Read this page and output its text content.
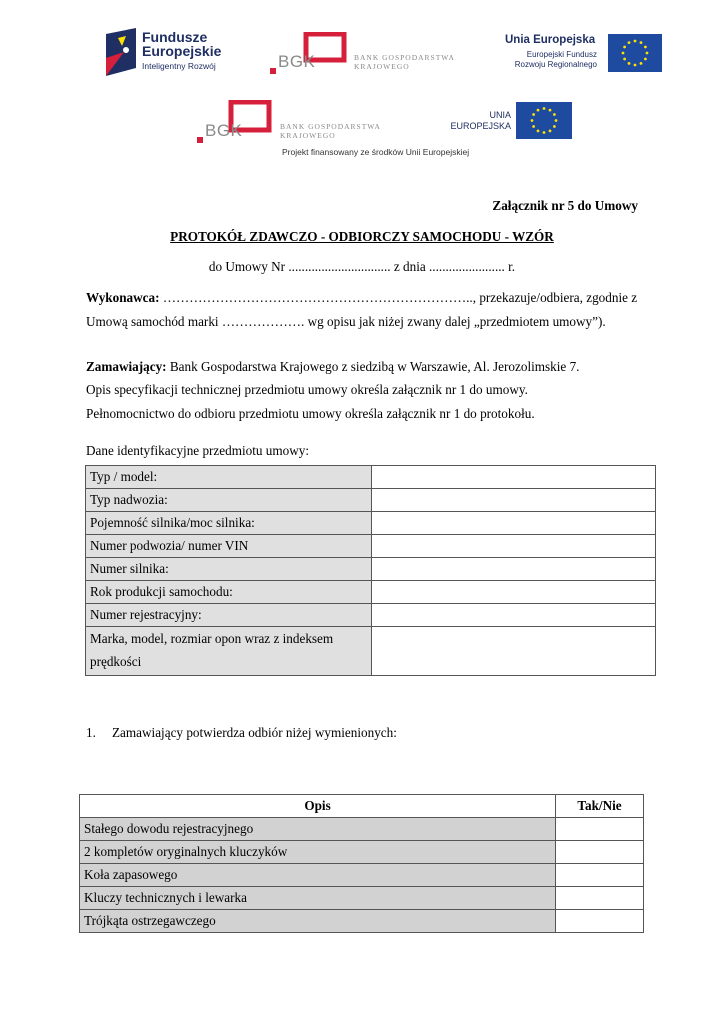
Fundusze
Europejskie
Inteligentny Rozwój	BGK	BANK GOSPODARSTWA
KRAJOWEGO
Unia Europejska
Europejski Fundusz
Rozwoju Regionalnego
BGK	BANK GOSPODARSTWA
KRAJOWEGO
UNIA
EUROPEJSKA
Projekt finansowany ze środków Unii Europejskiej
Załącznik nr 5 do Umowy
PROTOKÓŁ ZDAWCZO - ODBIORCZY SAMOCHODU - WZÓR
do Umowy Nr ............................... z dnia ....................... r.
Wykonawca: …………………………………………………………….., przekazuje/odbiera, zgodnie z
Umową samochód marki ………………. wg opisu jak niżej zwany dalej „przedmiotem umowy”).
Zamawiający: Bank Gospodarstwa Krajowego z siedzibą w Warszawie, Al. Jerozolimskie 7.
Opis specyfikacji technicznej przedmiotu umowy określa załącznik nr 1 do umowy.
Pełnomocnictwo do odbioru przedmiotu umowy określa załącznik nr 1 do protokołu.
Dane identyfikacyjne przedmiotu umowy:
Typ / model:	
Typ nadwozia:	
Pojemność silnika/moc silnika:	
Numer podwozia/ numer VIN	
Numer silnika:	
Rok produkcji samochodu:	
Numer rejestracyjny:	

Marka, model, rozmiar opon wraz z indeksem
prędkości	

1. Zamawiający potwierdza odbiór niżej wymienionych:
Opis	Tak/Nie
Stałego dowodu rejestracyjnego	
2 kompletów oryginalnych kluczyków	
Koła zapasowego	
Kluczy technicznych i lewarka	
Trójkąta ostrzegawczego	
